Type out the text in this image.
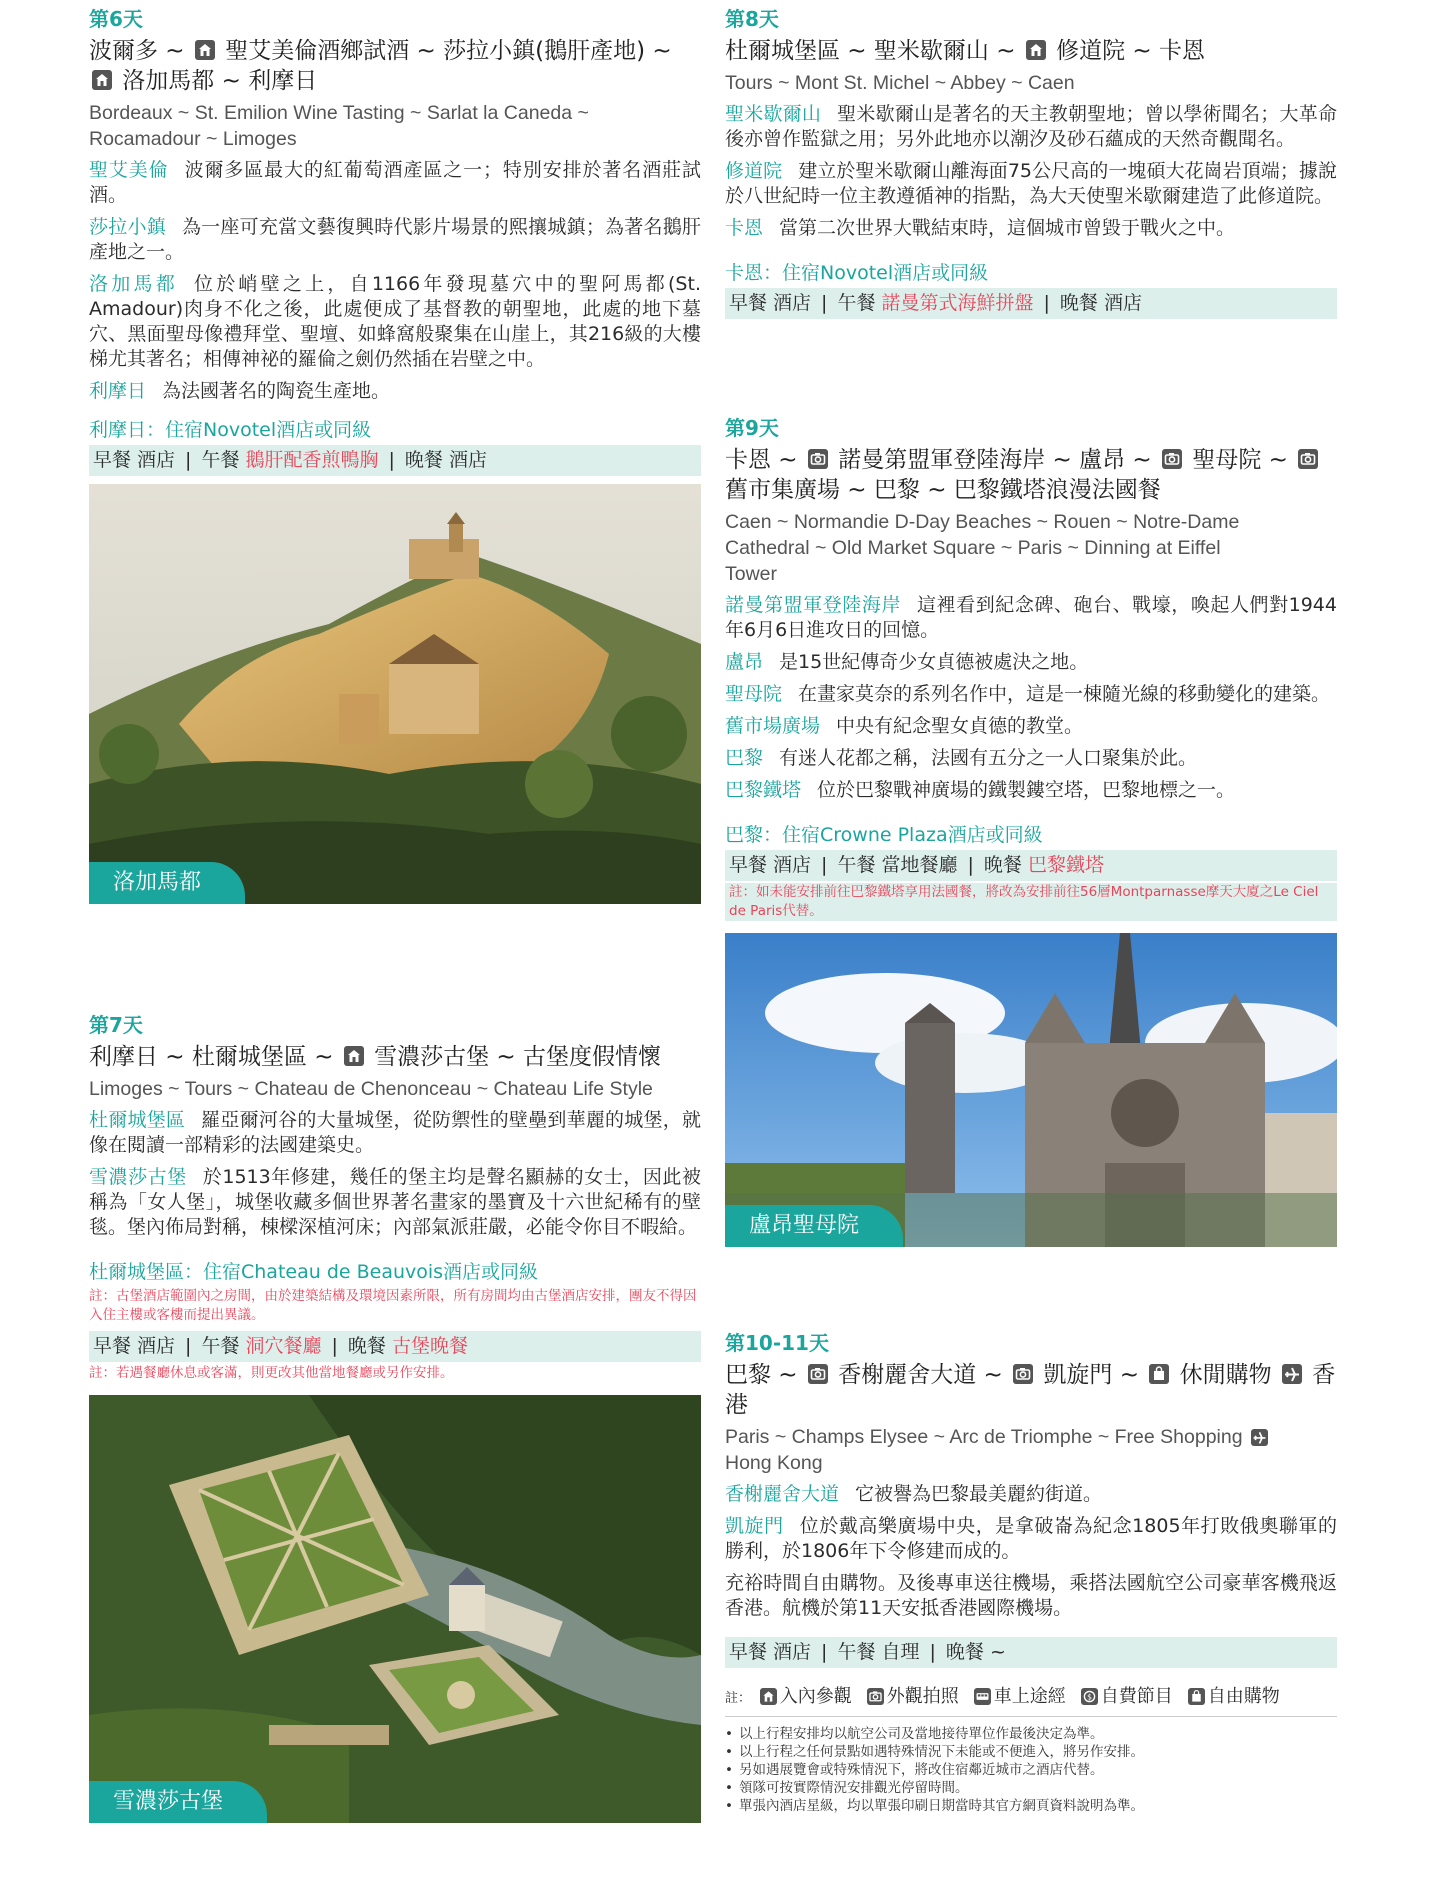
第6天
波爾多 ~
聖艾美倫酒鄉試酒 ~ 莎拉小鎮(鵝肝產地) ~
洛加馬都 ~ 利摩日
Bordeaux ~ St. Emilion Wine Tasting ~ Sarlat la Caneda ~ Rocamadour ~ Limoges
聖艾美倫 波爾多區最大的紅葡萄酒產區之一；特別安排於著名酒莊試酒。
莎拉小鎮 為一座可充當文藝復興時代影片場景的熙攘城鎮；為著名鵝肝產地之一。
洛加馬都 位於峭壁之上，自1166年發現墓穴中的聖阿馬都(St. Amadour)肉身不化之後，此處便成了基督教的朝聖地，此處的地下墓穴、黑面聖母像禮拜堂、聖壇、如蜂窩般聚集在山崖上，其216級的大樓梯尤其著名；相傳神祕的羅倫之劍仍然插在岩壁之中。
利摩日 為法國著名的陶瓷生產地。
利摩日：住宿Novotel酒店或同級
早餐 酒店 | 午餐 鵝肝配香煎鴨胸 | 晚餐 酒店
洛加馬都
第7天
利摩日 ~ 杜爾城堡區 ~
雪濃莎古堡 ~ 古堡度假情懷
Limoges ~ Tours ~ Chateau de Chenonceau ~ Chateau Life Style
杜爾城堡區 羅亞爾河谷的大量城堡，從防禦性的壁壘到華麗的城堡，就像在閱讀一部精彩的法國建築史。
雪濃莎古堡 於1513年修建，幾任的堡主均是聲名顯赫的女士，因此被稱為「女人堡」，城堡收藏多個世界著名畫家的墨寶及十六世紀稀有的壁毯。堡內佈局對稱，棟樑深植河床；內部氣派莊嚴，必能令你目不暇給。
杜爾城堡區：住宿Chateau de Beauvois酒店或同級
註：古堡酒店範圍內之房間，由於建築結構及環境因素所限，所有房間均由古堡酒店安排，團友不得因入住主樓或客樓而提出異議。
早餐 酒店 | 午餐 洞穴餐廳 | 晚餐 古堡晚餐
註：若遇餐廳休息或客滿，則更改其他當地餐廳或另作安排。
雪濃莎古堡
第8天
杜爾城堡區 ~ 聖米歇爾山 ~
修道院 ~ 卡恩
Tours ~ Mont St. Michel ~ Abbey ~ Caen
聖米歇爾山 聖米歇爾山是著名的天主教朝聖地；曾以學術聞名；大革命後亦曾作監獄之用；另外此地亦以潮汐及砂石蘊成的天然奇觀聞名。
修道院 建立於聖米歇爾山離海面75公尺高的一塊碩大花崗岩頂端；據說於八世紀時一位主教遵循神的指點，為大天使聖米歇爾建造了此修道院。
卡恩 當第二次世界大戰結束時，這個城市曾毀于戰火之中。
卡恩：住宿Novotel酒店或同級
早餐 酒店 | 午餐 諾曼第式海鮮拼盤 | 晚餐 酒店
第9天
卡恩 ~
諾曼第盟軍登陸海岸 ~ 盧昂 ~
聖母院 ~
舊市集廣場 ~ 巴黎 ~ 巴黎鐵塔浪漫法國餐
Caen ~ Normandie D-Day Beaches ~ Rouen ~ Notre-Dame Cathedral ~ Old Market Square ~ Paris ~ Dinning at Eiffel Tower
諾曼第盟軍登陸海岸 這裡看到紀念碑、砲台、戰壕，喚起人們對1944年6月6日進攻日的回憶。
盧昂 是15世紀傳奇少女貞德被處決之地。
聖母院 在畫家莫奈的系列名作中，這是一棟隨光線的移動變化的建築。
舊市場廣場 中央有紀念聖女貞德的教堂。
巴黎 有迷人花都之稱，法國有五分之一人口聚集於此。
巴黎鐵塔 位於巴黎戰神廣場的鐵製鏤空塔，巴黎地標之一。
巴黎：住宿Crowne Plaza酒店或同級
早餐 酒店 | 午餐 當地餐廳 | 晚餐 巴黎鐵塔
註：如未能安排前往巴黎鐵塔享用法國餐，將改為安排前往56層Montparnasse摩天大廈之Le Ciel de Paris代替。
盧昂聖母院
第10-11天
巴黎 ~
香榭麗舍大道 ~
凱旋門 ~
休閒購物
香港
Paris ~ Champs Elysee ~ Arc de Triomphe ~ Free Shopping

Hong Kong
香榭麗舍大道 它被譽為巴黎最美麗約街道。
凱旋門 位於戴高樂廣場中央，是拿破崙為紀念1805年打敗俄奧聯軍的勝利，於1806年下令修建而成的。
充裕時間自由購物。及後專車送往機場，乘搭法國航空公司豪華客機飛返香港。航機於第11天安抵香港國際機場。
早餐 酒店 | 午餐 自理 | 晚餐 ~
註： 入內參觀 外觀拍照 車上途經 $ 自費節目 自由購物
• 以上行程安排均以航空公司及當地接待單位作最後決定為準。
• 以上行程之任何景點如遇特殊情況下未能或不便進入，將另作安排。
• 另如遇展覽會或特殊情況下，將改住宿鄰近城市之酒店代替。
• 領隊可按實際情況安排觀光停留時間。
• 單張內酒店星級，均以單張印刷日期當時其官方網頁資料說明為準。
